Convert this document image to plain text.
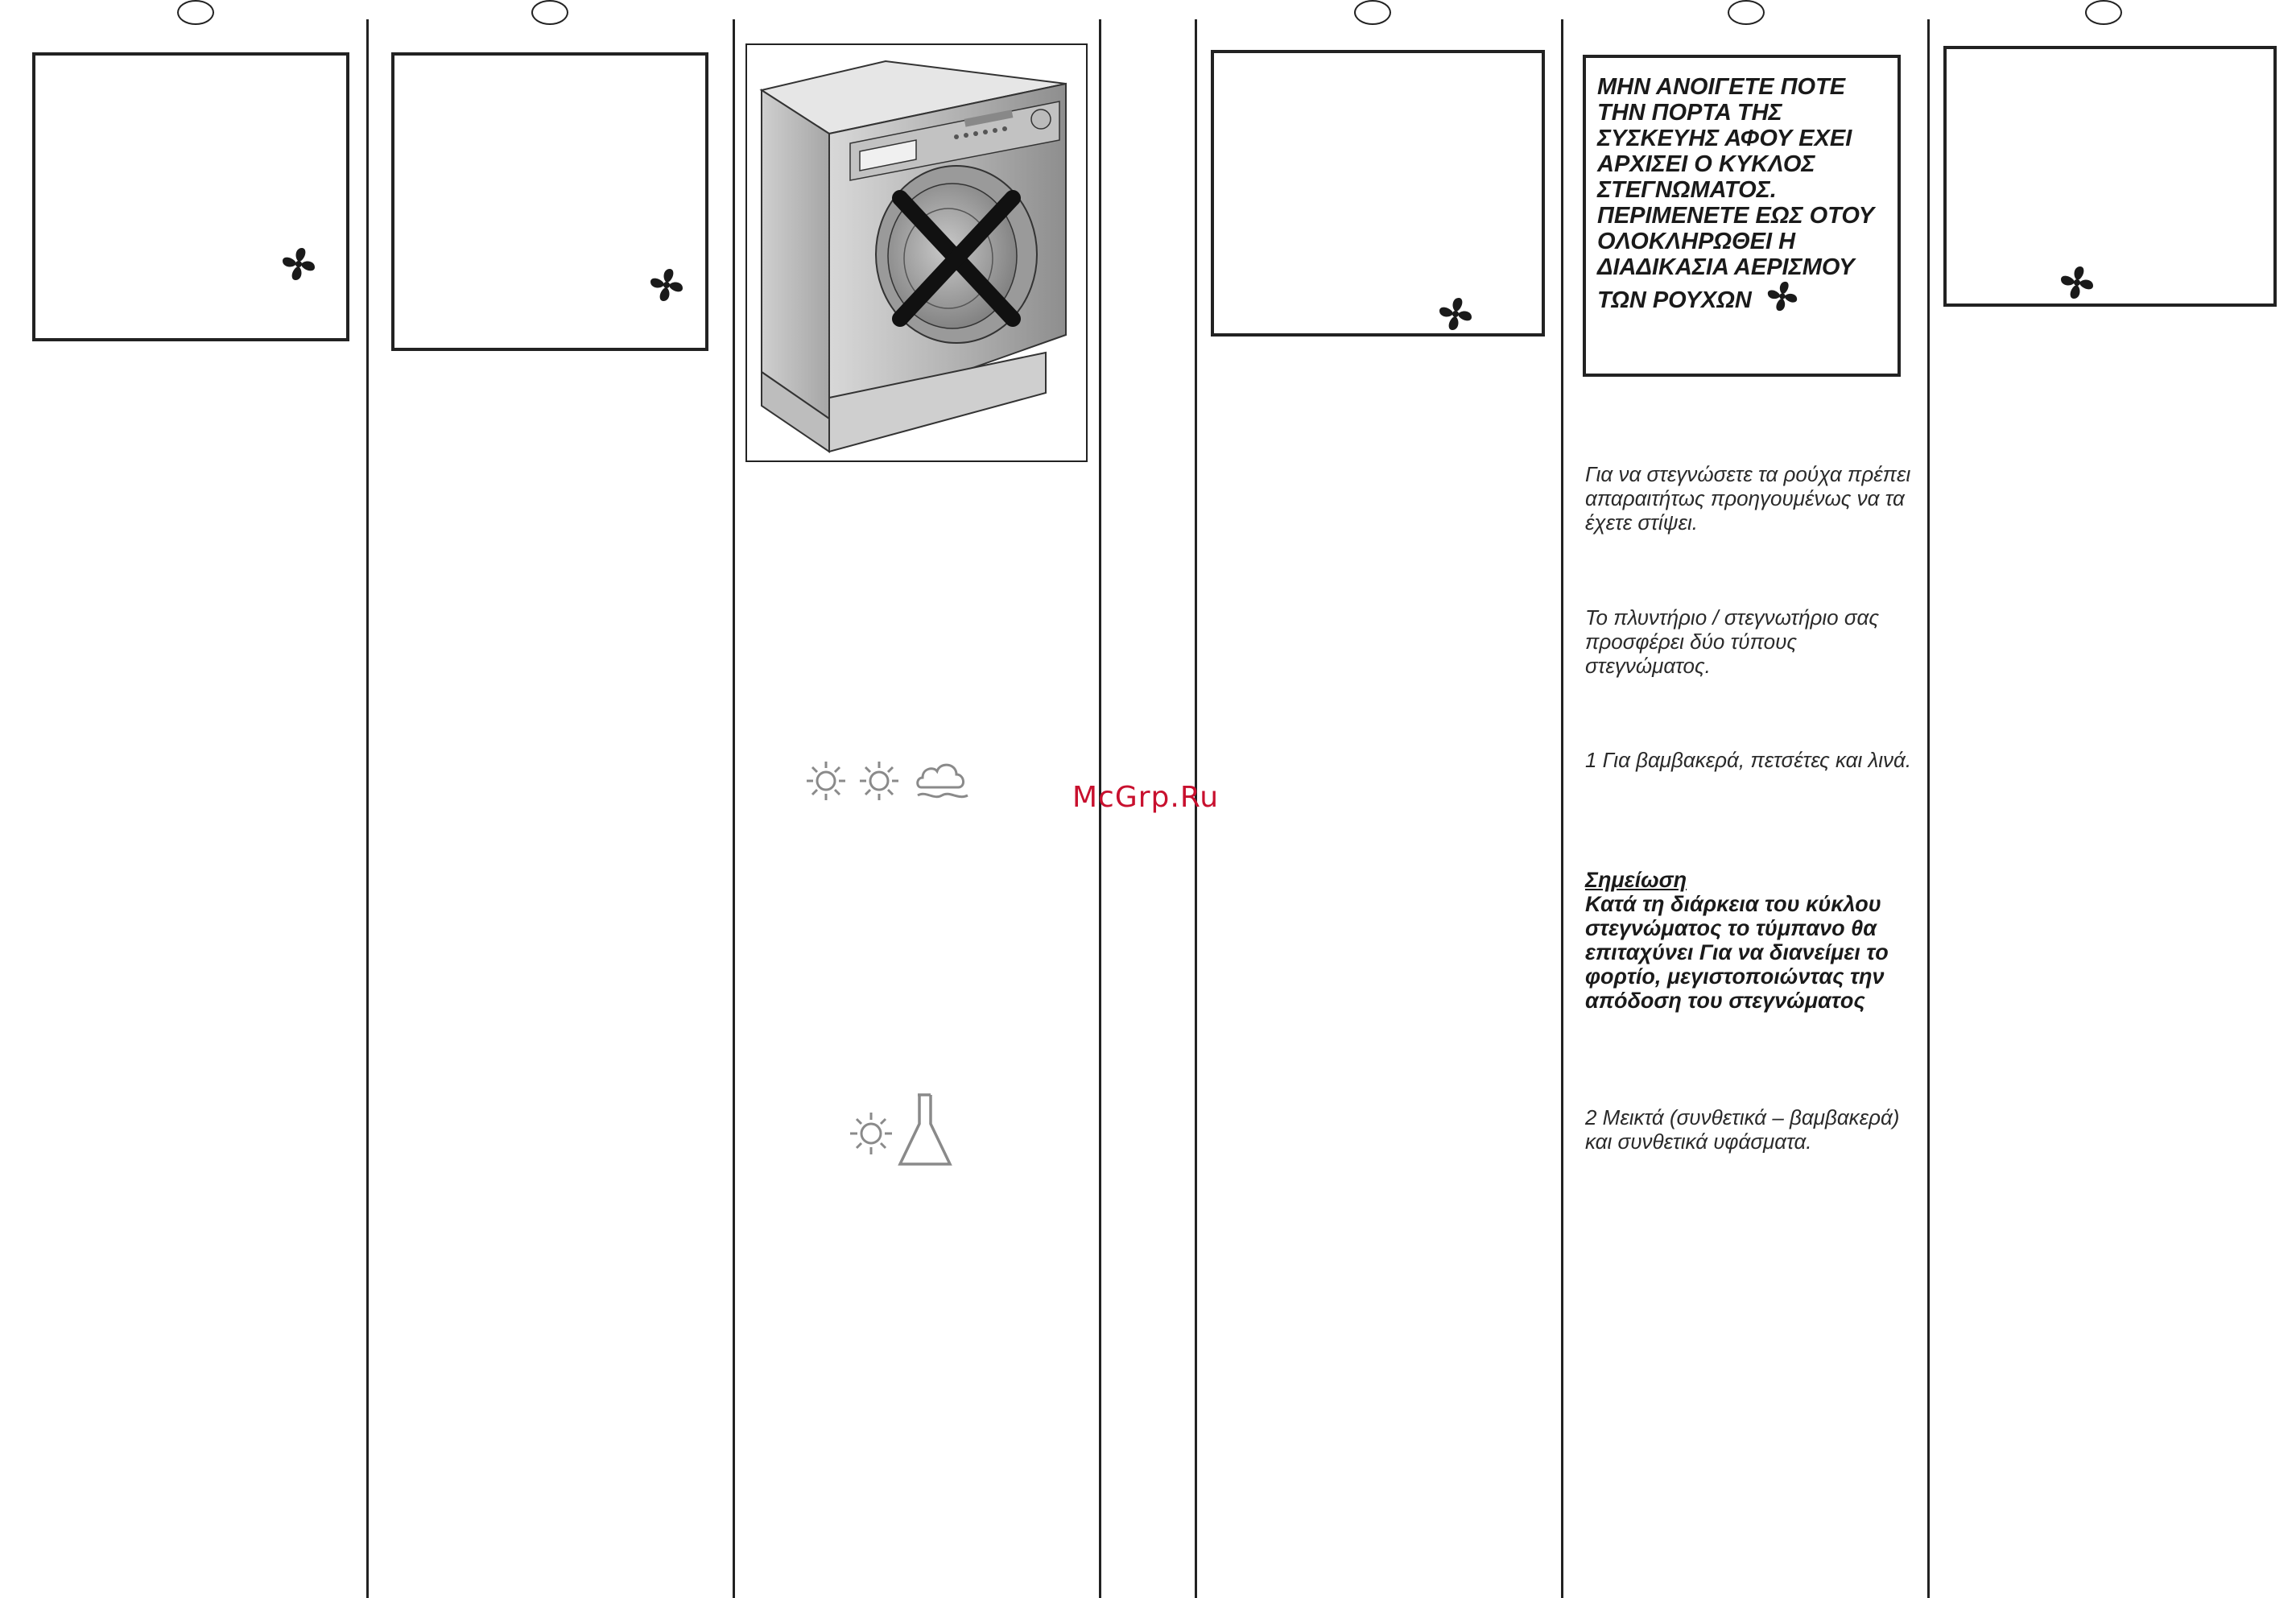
McGrp.Ru
ΜΗΝ ΑΝΟΙΓΕΤΕ ΠΟΤΕ ΤΗΝ ΠΟΡΤΑ ΤΗΣ ΣΥΣΚΕΥΗΣ ΑΦΟΥ ΕΧΕΙ ΑΡΧΙΣΕΙ Ο ΚΥΚΛΟΣ ΣΤΕΓΝΩΜΑΤΟΣ. ΠΕΡΙΜΕΝΕΤΕ ΕΩΣ ΟΤΟΥ ΟΛΟΚΛΗΡΩΘΕΙ Η ΔΙΑΔΙΚΑΣΙΑ ΑΕΡΙΣΜΟΥ ΤΩΝ ΡΟΥΧΩΝ
Για να στεγνώσετε τα ρούχα πρέπει απαραιτήτως προηγουμένως να τα έχετε στίψει.
Το πλυντήριο / στεγνωτήριο σας προσφέρει δύο τύπους στεγνώματος.
1 Για βαμβακερά, πετσέτες και λινά.
Σημείωση
Κατά τη διάρκεια του κύκλου στεγνώματος το τύμπανο θα επιταχύνει Για να διανείμει το φορτίο, μεγιστοποιώντας την απόδοση του στεγνώματος
2 Μεικτά (συνθετικά – βαμβακερά) και συνθετικά υφάσματα.
